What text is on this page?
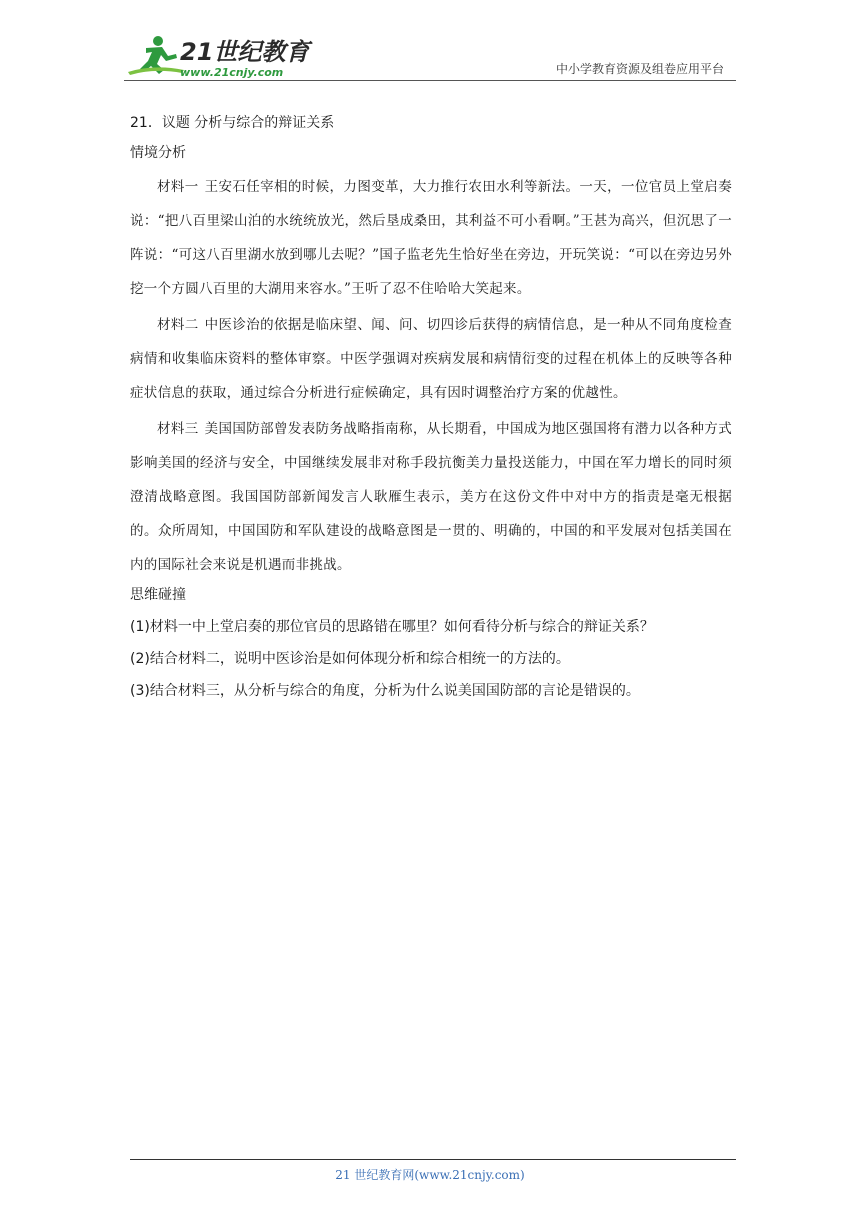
21世纪教育
www.21cnjy.com	中小学教育资源及组卷应用平台

21．议题 分析与综合的辩证关系

情境分析

材料一 王安石任宰相的时候，力图变革，大力推行农田水利等新法。一天，一位官员上堂启奏说：“把八百里梁山泊的水统统放光，然后垦成桑田，其利益不可小看啊。”王甚为高兴，但沉思了一阵说：“可这八百里湖水放到哪儿去呢？”国子监老先生恰好坐在旁边，开玩笑说：“可以在旁边另外挖一个方圆八百里的大湖用来容水。”王听了忍不住哈哈大笑起来。

材料二 中医诊治的依据是临床望、闻、问、切四诊后获得的病情信息，是一种从不同角度检查病情和收集临床资料的整体审察。中医学强调对疾病发展和病情衍变的过程在机体上的反映等各种症状信息的获取，通过综合分析进行症候确定，具有因时调整治疗方案的优越性。

材料三 美国国防部曾发表防务战略指南称，从长期看，中国成为地区强国将有潜力以各种方式影响美国的经济与安全，中国继续发展非对称手段抗衡美力量投送能力，中国在军力增长的同时须澄清战略意图。我国国防部新闻发言人耿雁生表示，美方在这份文件中对中方的指责是毫无根据的。众所周知，中国国防和军队建设的战略意图是一贯的、明确的，中国的和平发展对包括美国在内的国际社会来说是机遇而非挑战。

思维碰撞

(1)材料一中上堂启奏的那位官员的思路错在哪里？如何看待分析与综合的辩证关系？

(2)结合材料二，说明中医诊治是如何体现分析和综合相统一的方法的。

(3)结合材料三，从分析与综合的角度，分析为什么说美国国防部的言论是错误的。

21 世纪教育网(www.21cnjy.com)
